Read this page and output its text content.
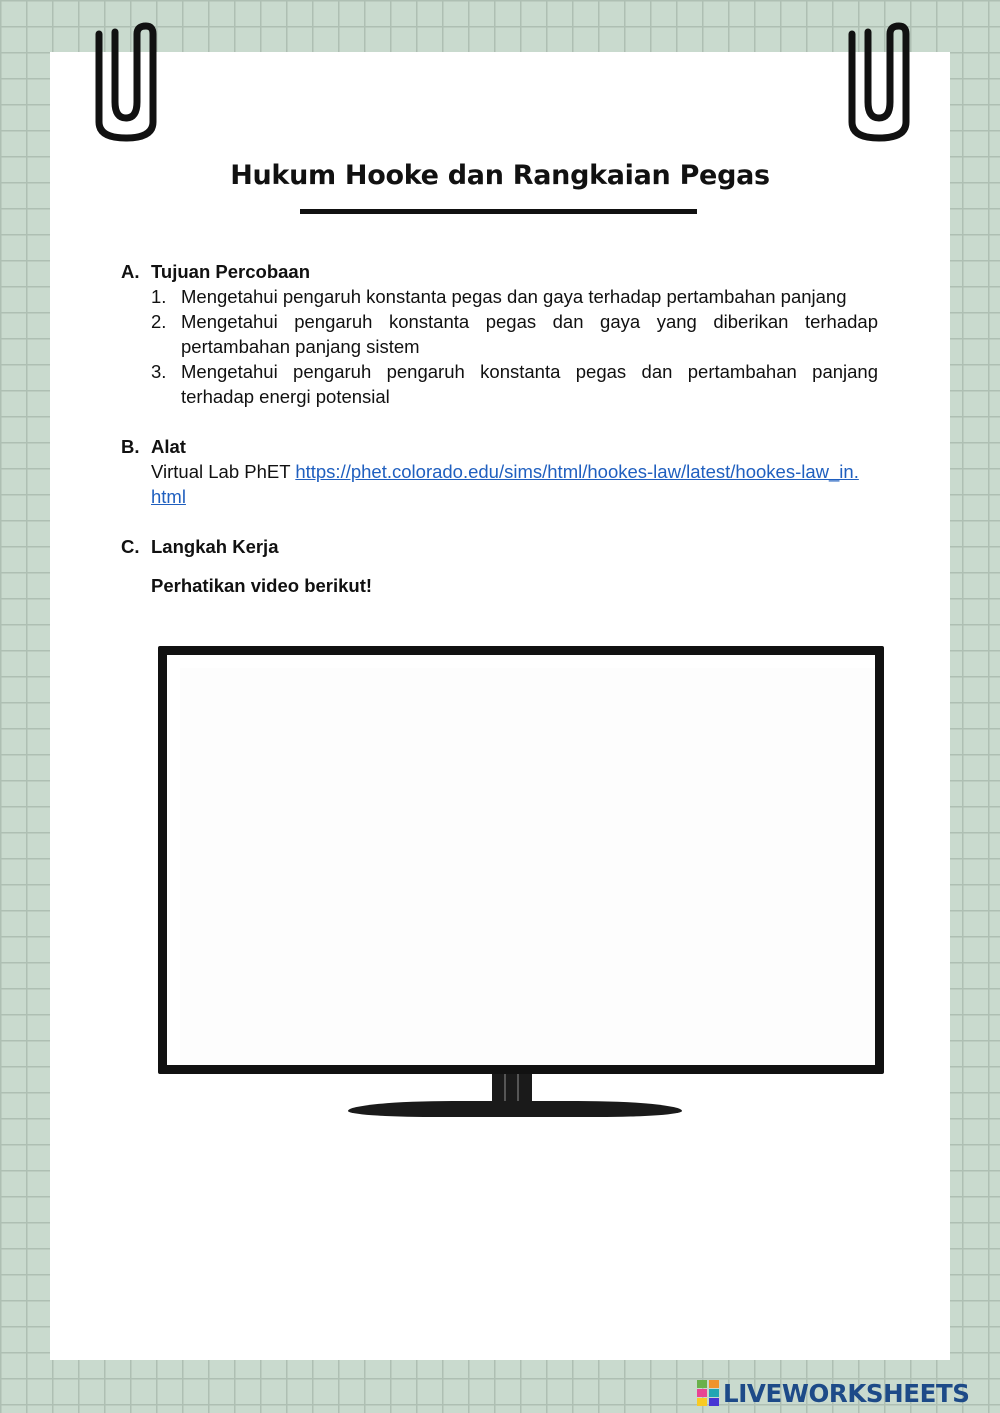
Hukum Hooke dan Rangkaian Pegas
A. Tujuan Percobaan
1. Mengetahui pengaruh konstanta pegas dan gaya terhadap pertambahan panjang
2. Mengetahui pengaruh konstanta pegas dan gaya yang diberikan terhadap pertambahan panjang sistem
3. Mengetahui pengaruh pengaruh konstanta pegas dan pertambahan panjang terhadap energi potensial
B. Alat
Virtual Lab PhET https://phet.colorado.edu/sims/html/hookes-law/latest/hookes-law_in.html
C. Langkah Kerja
Perhatikan video berikut!
LIVEWORKSHEETS
